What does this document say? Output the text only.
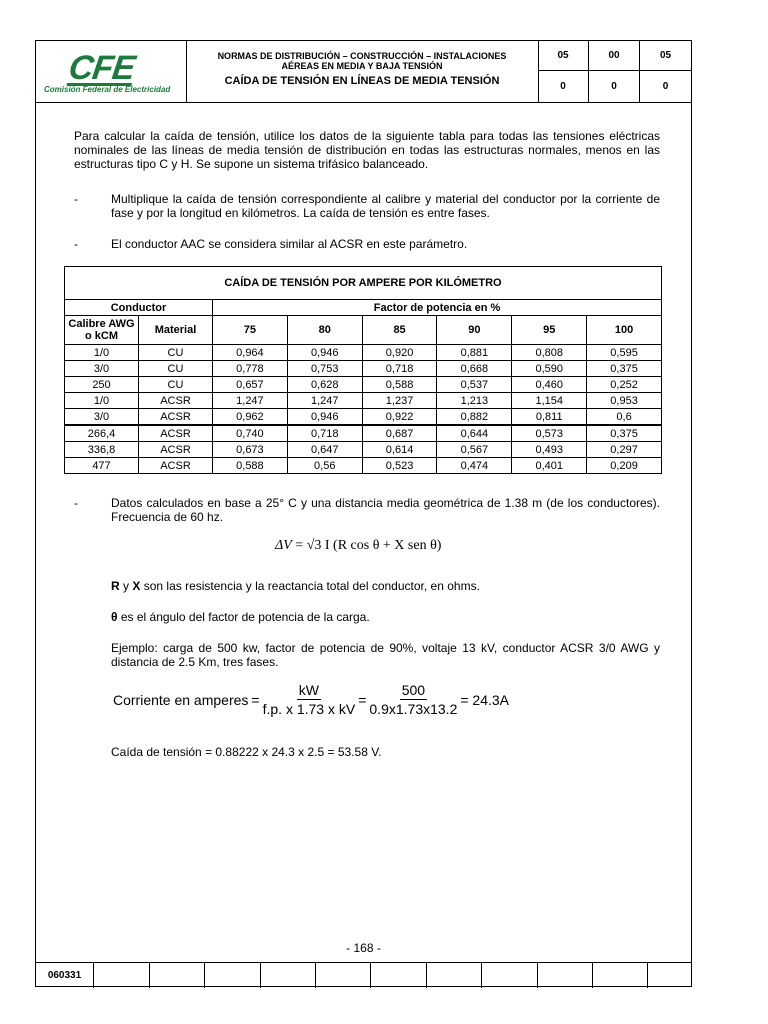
CFE
Comisión Federal de Electricidad
NORMAS DE DISTRIBUCIÓN – CONSTRUCCIÓN – INSTALACIONES
AÉREAS EN MEDIA Y BAJA TENSIÓN
CAÍDA DE TENSIÓN EN LÍNEAS DE MEDIA TENSIÓN
05	00	05
0	0	0
Para calcular la caída de tensión, utilice los datos de la siguiente tabla para todas las tensiones eléctricas nominales de las líneas de media tensión de distribución en todas las estructuras normales, menos en las estructuras tipo C y H. Se supone un sistema trifásico balanceado.
-	Multiplique la caída de tensión correspondiente al calibre y material del conductor por la corriente de fase y por la longitud en kilómetros. La caída de tensión es entre fases.
-	El conductor AAC se considera similar al ACSR en este parámetro.
CAÍDA DE TENSIÓN POR AMPERE POR KILÓMETRO							
Conductor		Factor de potencia en %					
Calibre AWG o kCM	Material	75	80	85	90	95	100
1/0	CU	0,964	0,946	0,920	0,881	0,808	0,595
3/0	CU	0,778	0,753	0,718	0,668	0,590	0,375
250	CU	0,657	0,628	0,588	0,537	0,460	0,252
1/0	ACSR	1,247	1,247	1,237	1,213	1,154	0,953
3/0	ACSR	0,962	0,946	0,922	0,882	0,811	0,6
266,4	ACSR	0,740	0,718	0,687	0,644	0,573	0,375
336,8	ACSR	0,673	0,647	0,614	0,567	0,493	0,297
477	ACSR	0,588	0,56	0,523	0,474	0,401	0,209
-	Datos calculados en base a 25° C y una distancia media geométrica de 1.38 m (de los conductores). Frecuencia de 60 hz.
ΔV = √3 I (R cos θ + X sen θ)
R y X son las resistencia y la reactancia total del conductor, en ohms.
θ es el ángulo del factor de potencia de la carga.
Ejemplo: carga de 500 kw, factor de potencia de 90%, voltaje 13 kV, conductor ACSR 3/0 AWG y distancia de 2.5 Km, tres fases.
Corriente en amperes = $\frac{kW}{\text{f.p. x 1.73 x kV}} = \frac{500}{0.9x1.73x13.2} = 24.3A$
Caída de tensión = 0.88222 x 24.3 x 2.5 = 53.58 V.
- 168 -
060331
